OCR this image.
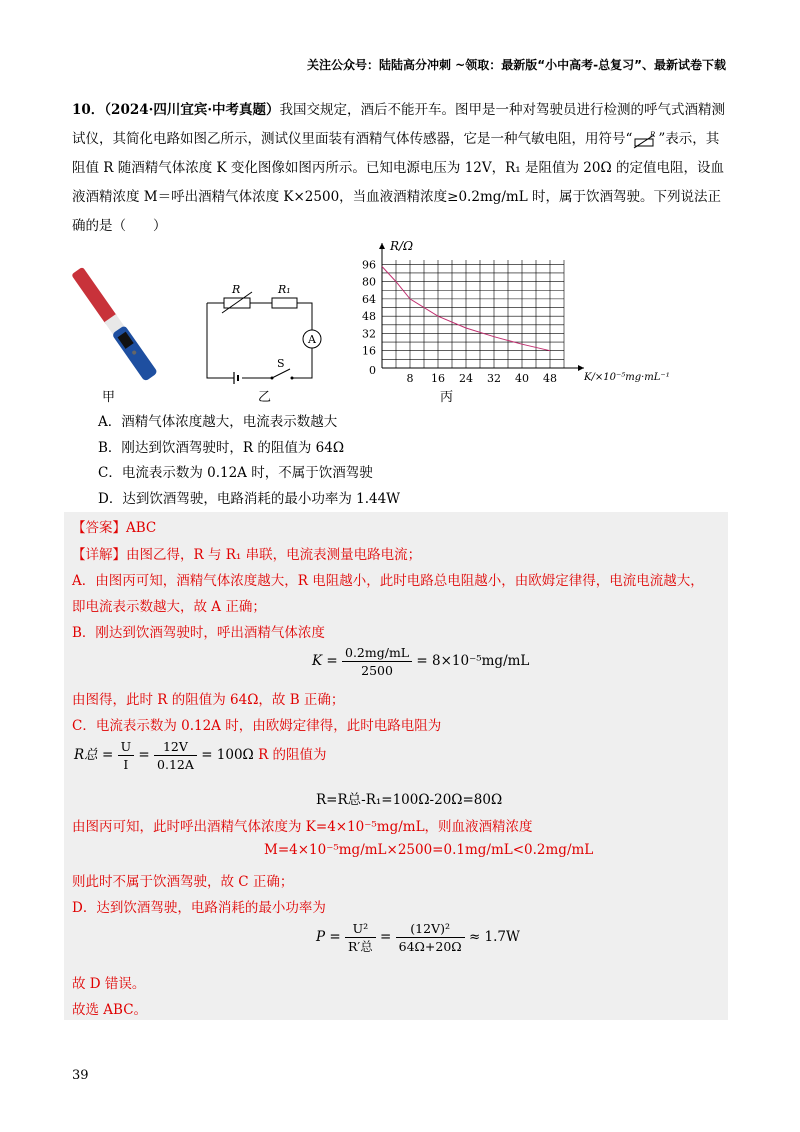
关注公众号：陆陆高分冲刺 ~领取：最新版“小中高考-总复习”、最新试卷下载
10．（2024·四川宜宾·中考真题）我国交规定，酒后不能开车。图甲是一种对驾驶员进行检测的呼气式酒精测试仪，其简化电路如图乙所示，测试仪里面装有酒精气体传感器，它是一种气敏电阻，用符号“	R ”表示，其阻值 R 随酒精气体浓度 K 变化图像如图丙所示。已知电源电压为 12V，R₁ 是阻值为 20Ω 的定值电阻，设血液酒精浓度 M＝呼出酒精气体浓度 K×2500，当血液酒精浓度≥0.2mg/mL 时，属于饮酒驾驶。下列说法正确的是（　　）
甲
A
R	R₁
S
乙
16
32
48
64
80
96
8 16 24 32 40 48
R/Ω
K/×10⁻⁵mg·mL⁻¹
0
丙
A．酒精气体浓度越大，电流表示数越大
B．刚达到饮酒驾驶时，R 的阻值为 64Ω
C．电流表示数为 0.12A 时，不属于饮酒驾驶
D．达到饮酒驾驶，电路消耗的最小功率为 1.44W
【答案】ABC
【详解】由图乙得，R 与 R₁ 串联，电流表测量电路电流；
A．由图丙可知，酒精气体浓度越大，R 电阻越小，此时电路总电阻越小，由欧姆定律得，电流电流越大，
即电流表示数越大，故 A 正确；
B．刚达到饮酒驾驶时，呼出酒精气体浓度
$K = \frac{0.2mg/mL}{2500} = 8\times 10^{-5}mg/mL$
由图得，此时 R 的阻值为 64Ω，故 B 正确；
C．电流表示数为 0.12A 时，由欧姆定律得，此时电路电阻为
R总 = $\frac{U}{I} = \frac{12V}{0.12A} = 100\Omega$ R 的阻值为
R=R总-R₁=100Ω-20Ω=80Ω
由图丙可知，此时呼出酒精气体浓度为 K=4×10⁻⁵mg/mL，则血液酒精浓度
M=4×10⁻⁵mg/mL×2500=0.1mg/mL<0.2mg/mL
则此时不属于饮酒驾驶，故 C 正确；
D．达到饮酒驾驶，电路消耗的最小功率为
$P = \frac{\text{U²}}{\text{R′总}} = \frac{\text{(12V)²}}{64\Omega+20\Omega} \approx 1.7W$
故 D 错误。
故选 ABC。
39
